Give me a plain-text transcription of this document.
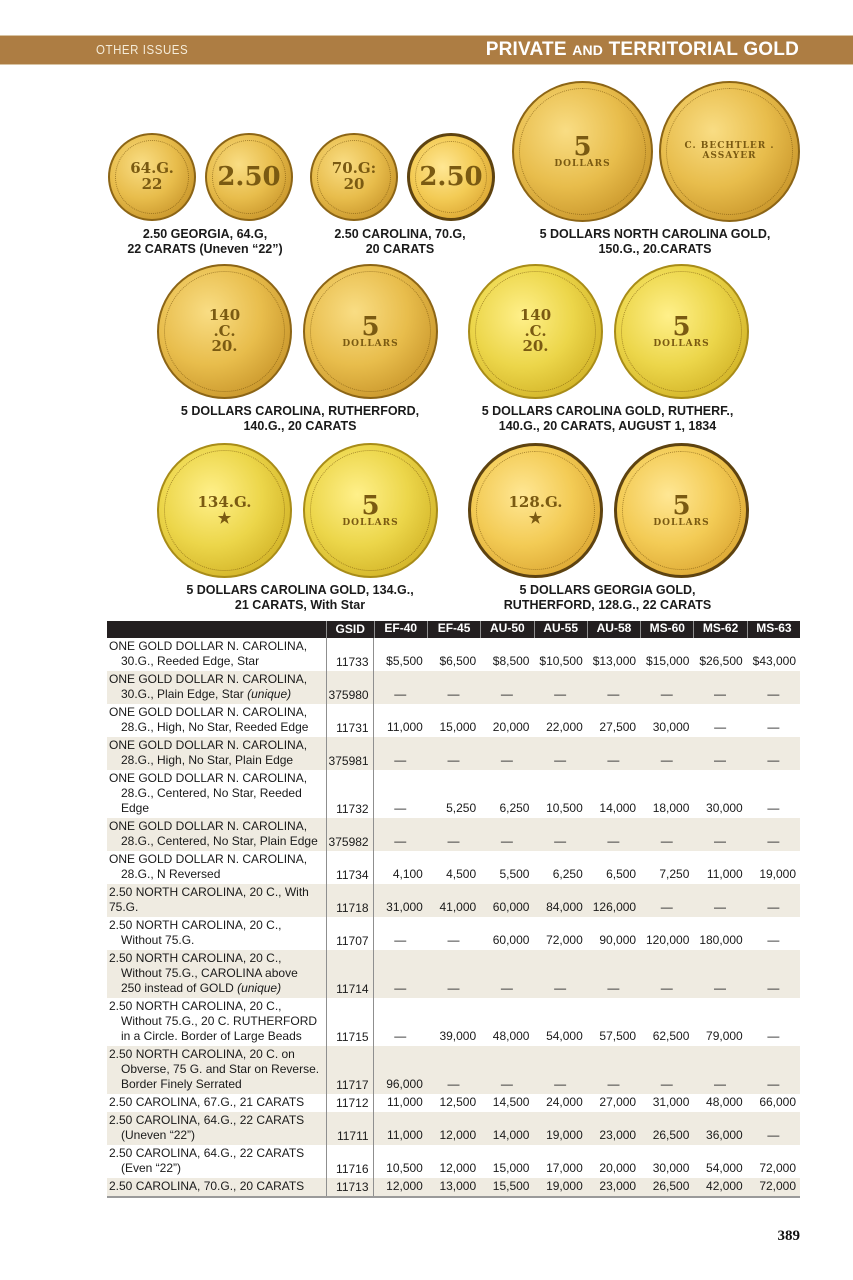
OTHER ISSUES	PRIVATE AND TERRITORIAL GOLD
64.G.
22 2.50	70.G:
20 2.50
5
DOLLARS
C. BECHTLER . ASSAYER
2.50 GEORGIA, 64.G,
22 CARATS (Uneven “22”)
2.50 CAROLINA, 70.G,
20 CARATS
5 DOLLARS NORTH CAROLINA GOLD,
150.G., 20.CARATS
140
.C.
20.
5
DOLLARS
140
.C.
20.
5
DOLLARS
5 DOLLARS CAROLINA, RUTHERFORD,
140.G., 20 CARATS
5 DOLLARS CAROLINA GOLD, RUTHERF.,
140.G., 20 CARATS, AUGUST 1, 1834
134.G.
★	5
DOLLARS
128.G.
★	5
DOLLARS
5 DOLLARS CAROLINA GOLD, 134.G.,
21 CARATS, With Star
5 DOLLARS GEORGIA GOLD,
RUTHERFORD, 128.G., 22 CARATS
GSID	EF-40	EF-45	AU-50	AU-55	AU-58	MS-60	MS-62	MS-63
ONE GOLD DOLLAR N. CAROLINA,
30.G., Reeded Edge, Star	11733	$5,500	$6,500	$8,500 $10,500 $13,000 $15,000 $26,500 $43,000
ONE GOLD DOLLAR N. CAROLINA,
30.G., Plain Edge, Star (unique)	375980	—	—	—	—	—	—	—	—
ONE GOLD DOLLAR N. CAROLINA,
28.G., High, No Star, Reeded Edge	11731	11,000	15,000	20,000	22,000	27,500	30,000	—	—
ONE GOLD DOLLAR N. CAROLINA,
28.G., High, No Star, Plain Edge	375981	—	—	—	—	—	—	—	—
ONE GOLD DOLLAR N. CAROLINA,
28.G., Centered, No Star, Reeded Edge	11732	—	5,250	6,250	10,500	14,000	18,000	30,000	—
ONE GOLD DOLLAR N. CAROLINA,
28.G., Centered, No Star, Plain Edge 375982	—	—	—	—	—	—	—	—
ONE GOLD DOLLAR N. CAROLINA,
28.G., N Reversed	11734	4,100	4,500	5,500	6,250	6,500	7,250	11,000	19,000
2.50 NORTH CAROLINA, 20 C., With 75.G.	11718	31,000	41,000	60,000	84,000 126,000	—	—	—
2.50 NORTH CAROLINA, 20 C.,
Without 75.G.	11707	—	—	60,000	72,000	90,000 120,000 180,000	—
2.50 NORTH CAROLINA, 20 C.,
Without 75.G., CAROLINA above
250 instead of GOLD (unique)	11714	—	—	—	—	—	—	—	—
2.50 NORTH CAROLINA, 20 C.,
Without 75.G., 20 C. RUTHERFORD
in a Circle. Border of Large Beads	11715	—	39,000	48,000	54,000	57,500	62,500	79,000	—
2.50 NORTH CAROLINA, 20 C. on
Obverse, 75 G. and Star on Reverse.
Border Finely Serrated	11717	96,000	—	—	—	—	—	—	—
2.50 CAROLINA, 67.G., 21 CARATS	11712	11,000	12,500	14,500	24,000	27,000	31,000	48,000	66,000
2.50 CAROLINA, 64.G., 22 CARATS
(Uneven “22”)	11711	11,000	12,000	14,000	19,000	23,000	26,500	36,000	—
2.50 CAROLINA, 64.G., 22 CARATS
(Even “22”)	11716	10,500	12,000	15,000	17,000	20,000	30,000	54,000	72,000
2.50 CAROLINA, 70.G., 20 CARATS	11713	12,000	13,000	15,500	19,000	23,000	26,500	42,000	72,000
389
